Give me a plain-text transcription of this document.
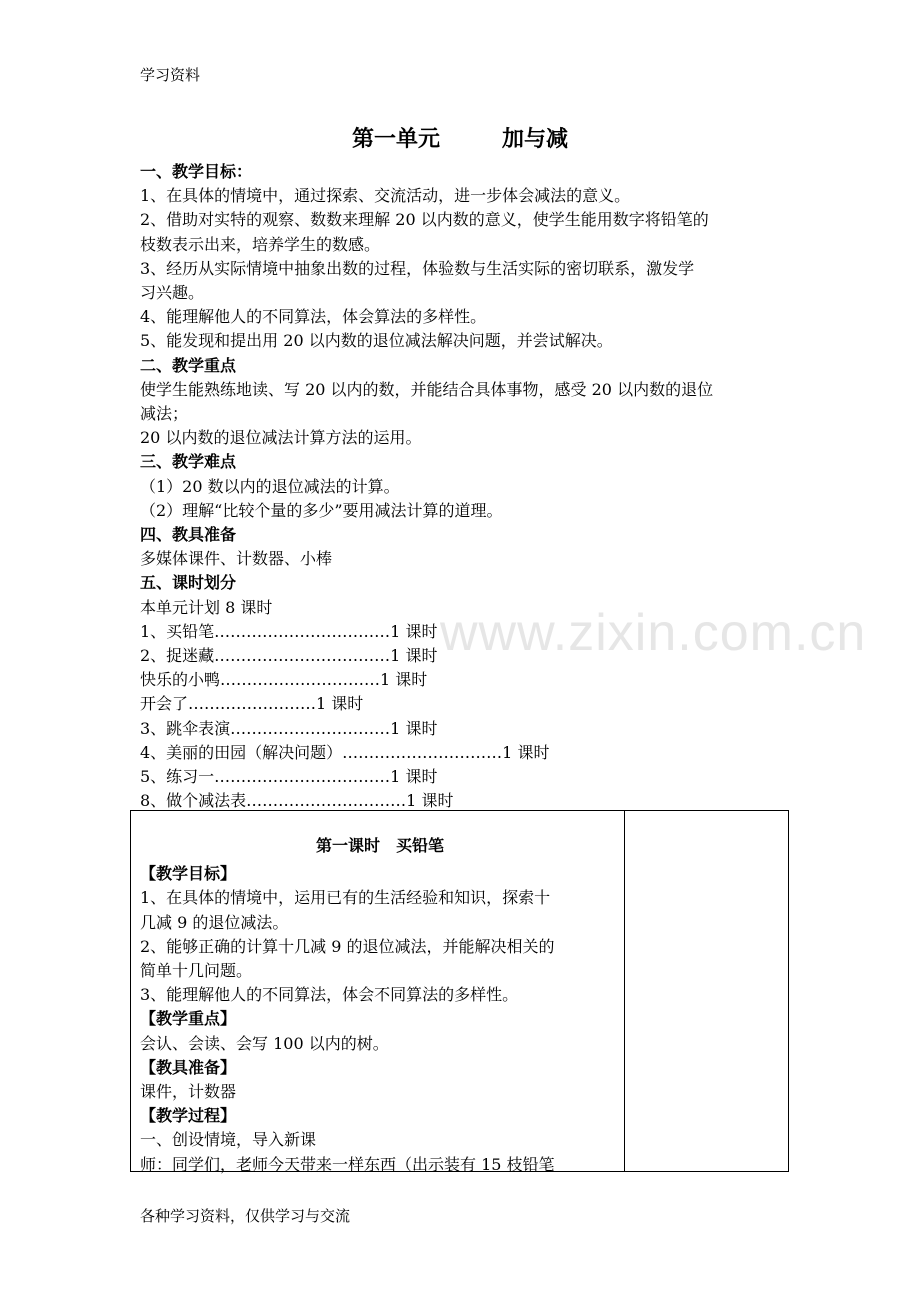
学习资料
www.zixin.com.cn
第一单元	加与减

一、教学目标：

1、在具体的情境中，通过探索、交流活动，进一步体会减法的意义。

2、借助对实特的观察、数数来理解 20 以内数的意义，使学生能用数字将铅笔的

枝数表示出来，培养学生的数感。

3、经历从实际情境中抽象出数的过程，体验数与生活实际的密切联系，激发学

习兴趣。

4、能理解他人的不同算法，体会算法的多样性。

5、能发现和提出用 20 以内数的退位减法解决问题，并尝试解决。

二、教学重点

使学生能熟练地读、写 20 以内的数，并能结合具体事物，感受 20 以内数的退位

减法；

20 以内数的退位减法计算方法的运用。

三、教学难点

（1）20 数以内的退位减法的计算。

（2）理解“比较个量的多少”要用减法计算的道理。

四、教具准备

多媒体课件、计数器、小棒

五、课时划分

本单元计划 8 课时

1、买铅笔……………………………1 课时

2、捉迷藏……………………………1 课时

快乐的小鸭…………………………1 课时

开会了……………………1 课时

3、跳伞表演…………………………1 课时

4、美丽的田园（解决问题）…………………………1 课时

5、练习一……………………………1 课时

8、做个减法表…………………………1 课时

第一课时　买铅笔

【教学目标】

1、在具体的情境中，运用已有的生活经验和知识，探索十

几减 9 的退位减法。

2、能够正确的计算十几减 9 的退位减法，并能解决相关的

简单十几问题。

3、能理解他人的不同算法，体会不同算法的多样性。

【教学重点】

会认、会读、会写 100 以内的树。

【教具准备】

课件，计数器

【教学过程】

一、创设情境，导入新课

师：同学们，老师今天带来一样东西（出示装有 15 枝铅笔

各种学习资料，仅供学习与交流
